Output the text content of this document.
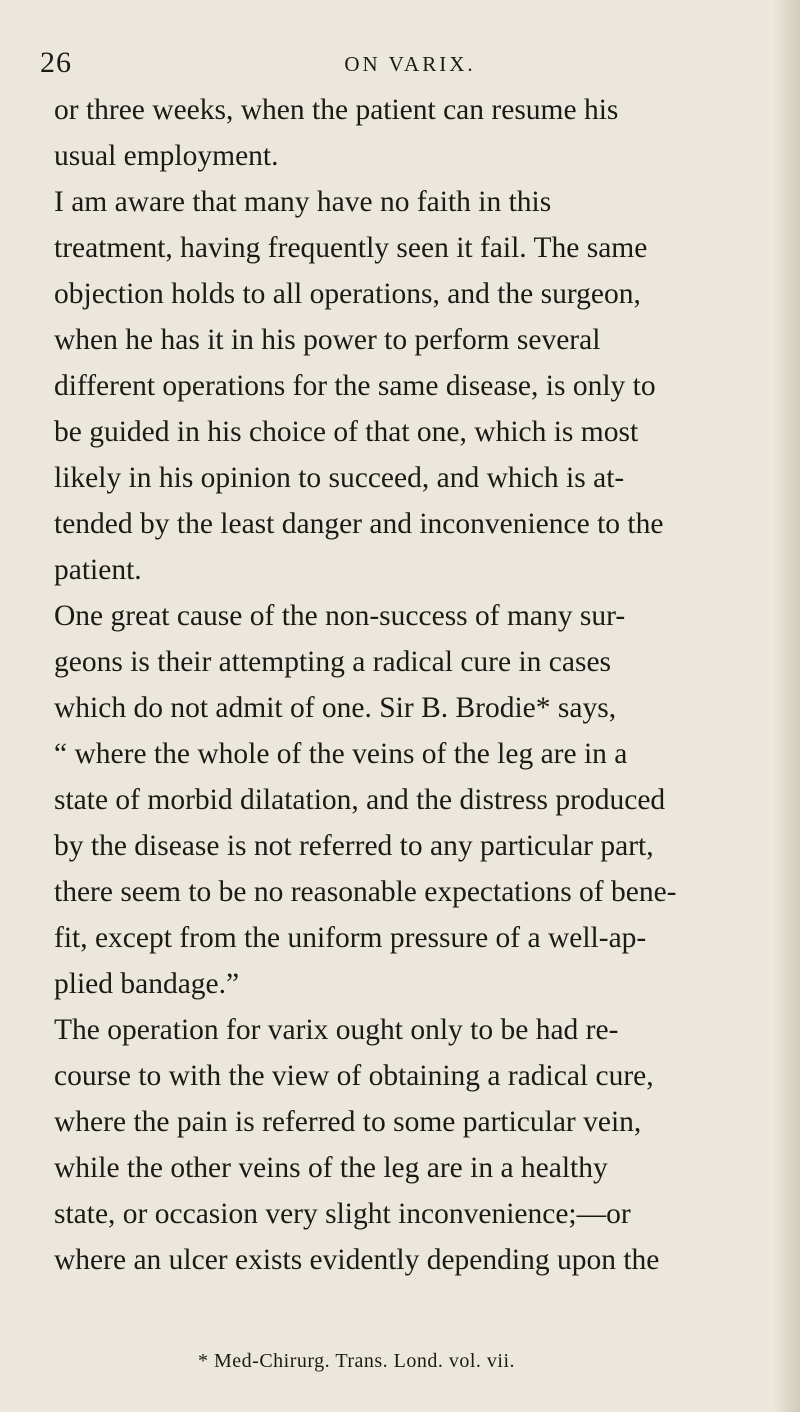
26	ON VARIX.
or three weeks, when the patient can resume his
usual employment.
I am aware that many have no faith in this
treatment, having frequently seen it fail. The same
objection holds to all operations, and the surgeon,
when he has it in his power to perform several
different operations for the same disease, is only to
be guided in his choice of that one, which is most
likely in his opinion to succeed, and which is at-
tended by the least danger and inconvenience to the
patient.
One great cause of the non-success of many sur-
geons is their attempting a radical cure in cases
which do not admit of one. Sir B. Brodie* says,
“ where the whole of the veins of the leg are in a
state of morbid dilatation, and the distress produced
by the disease is not referred to any particular part,
there seem to be no reasonable expectations of bene-
fit, except from the uniform pressure of a well-ap-
plied bandage.”
The operation for varix ought only to be had re-
course to with the view of obtaining a radical cure,
where the pain is referred to some particular vein,
while the other veins of the leg are in a healthy
state, or occasion very slight inconvenience;—or
where an ulcer exists evidently depending upon the
* Med-Chirurg. Trans. Lond. vol. vii.
